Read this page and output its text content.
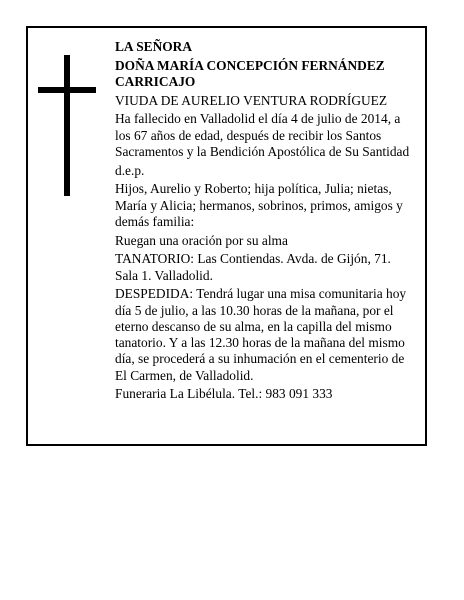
LA SEÑORA

DOÑA MARÍA CONCEPCIÓN FERNÁNDEZ CARRICAJO

VIUDA DE AURELIO VENTURA RODRÍGUEZ

Ha fallecido en Valladolid el día 4 de julio de 2014, a los 67 años de edad, después de recibir los Santos Sacramentos y la Bendición Apostólica de Su Santidad

d.e.p.

Hijos, Aurelio y Roberto; hija política, Julia; nietas, María y Alicia; hermanos, sobrinos, primos, amigos y demás familia:

Ruegan una oración por su alma

TANATORIO: Las Contiendas. Avda. de Gijón, 71. Sala 1. Valladolid.

DESPEDIDA: Tendrá lugar una misa comunitaria hoy día 5 de julio, a las 10.30 horas de la mañana, por el eterno descanso de su alma, en la capilla del mismo tanatorio. Y a las 12.30 horas de la mañana del mismo día, se procederá a su inhumación en el cementerio de El Carmen, de Valladolid.

Funeraria La Libélula. Tel.: 983 091 333
